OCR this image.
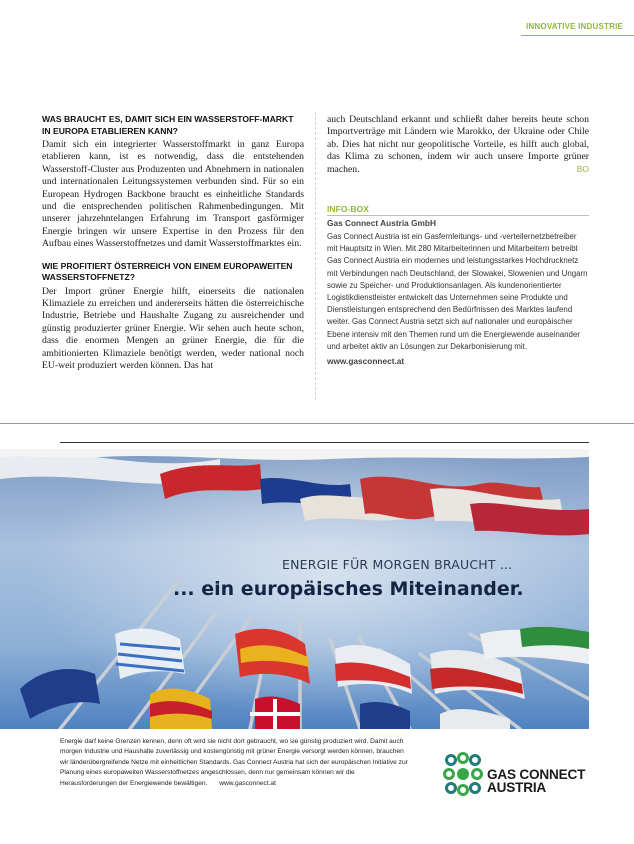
INNOVATIVE INDUSTRIE
WAS BRAUCHT ES, DAMIT SICH EIN WASSERSTOFF-MARKT IN EUROPA ETABLIEREN KANN?

Damit sich ein integrierter Wasserstoffmarkt in ganz Europa etablieren kann, ist es notwendig, dass die entstehenden Wasserstoff-Cluster aus Produzenten und Abnehmern in nationalen und internationalen Leitungssystemen verbunden sind. Für so ein European Hydrogen Backbone braucht es einheitliche Standards und die entsprechenden politischen Rahmenbedingungen. Mit unserer jahrzehntelangen Erfahrung im Transport gasförmiger Energie bringen wir unsere Expertise in den Prozess für den Aufbau eines Wasserstoffnetzes und damit Wasserstoffmarktes ein.

WIE PROFITIERT ÖSTERREICH VON EINEM EUROPAWEITEN WASSERSTOFFNETZ?

Der Import grüner Energie hilft, einerseits die nationalen Klimaziele zu erreichen und andererseits hätten die österreichische Industrie, Betriebe und Haushalte Zugang zu ausreichender und günstig produzierter grüner Energie. Wir sehen auch heute schon, dass die enormen Mengen an grüner Energie, die für die ambitionierten Klimaziele benötigt werden, weder national noch EU-weit produziert werden können. Das hat

auch Deutschland erkannt und schließt daher bereits heute schon Importverträge mit Ländern wie Marokko, der Ukraine oder Chile ab. Dies hat nicht nur geopolitische Vorteile, es hilft auch global, das Klima zu schonen, indem wir auch unsere Importe grüner machen.	BO
INFO-BOX
Gas Connect Austria GmbH

Gas Connect Austria ist ein Gasfernleitungs- und -verteilernetzbetreiber mit Hauptsitz in Wien. Mit 280 Mitarbeiterinnen und Mitarbeitern betreibt Gas Connect Austria ein modernes und leistungsstarkes Hochdrucknetz mit Verbindungen nach Deutschland, der Slowakei, Slowenien und Ungarn sowie zu Speicher- und Produktionsanlagen. Als kundenorientierter Logistikdienstleister entwickelt das Unternehmen seine Produkte und Dienstleistungen entsprechend den Bedürfnissen des Marktes laufend weiter. Gas Connect Austria setzt sich auf nationaler und europäischer Ebene intensiv mit den Themen rund um die Energiewende auseinander und arbeitet aktiv an Lösungen zur Dekarbonisierung mit.

www.gasconnect.at
ENERGIE FÜR MORGEN BRAUCHT ...
... ein europäisches Miteinander.

Energie darf keine Grenzen kennen, denn oft wird sie nicht dort gebraucht, wo sie günstig produziert wird. Damit auch morgen Industrie und Haushalte zuverlässig und kostengünstig mit grüner Energie versorgt werden können, brauchen wir länderübergreifende Netze mit einheitlichen Standards. Gas Connect Austria hat sich der europäischen Initiative zur Planung eines europaweiten Wasserstoffnetzes angeschlossen, denn nur gemeinsam können wir die Herausforderungen der Energiewende bewältigen. www.gasconnect.at

GAS CONNECT
AUSTRIA
